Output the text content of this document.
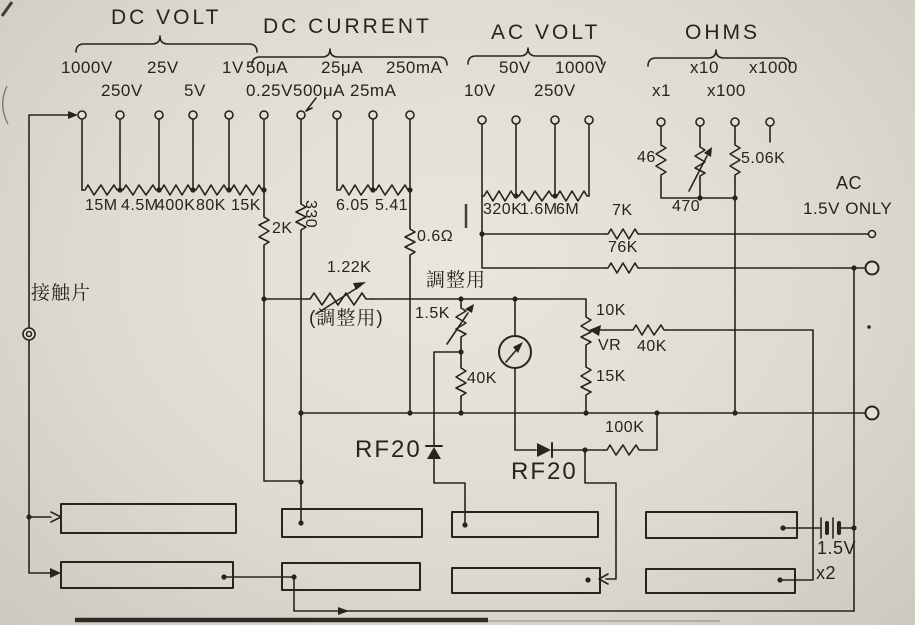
DC VOLT DC CURRENT	AC VOLT	OHMS
1000V 25V	1V 50μA 25μA 250mA
250V 5V 0.25V 500μA 25mA
50V 1000V
10V 250V
x10 x1000
x1 x100
15M 4.5M
400K 80K 15K
2K
330 6.05 5.41
0.6Ω
320K
1.6M
6M 7K
76K
46
470
5.06K
1.22K
1.5K
40K
10K
VR
15K
40K
100K
RF20
RF20
1.5V
x2
接触片
(調整用)
調整用
AC
1.5V ONLY
